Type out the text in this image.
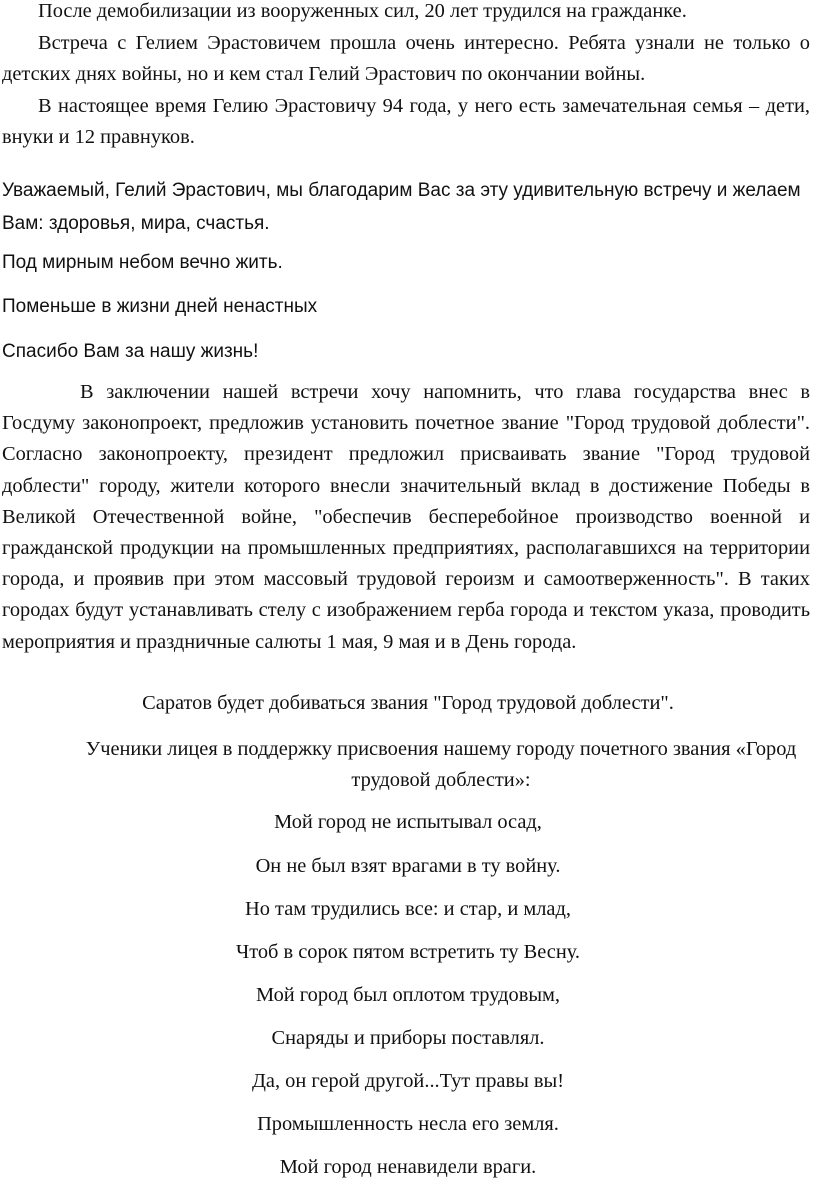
После демобилизации из вооруженных сил, 20 лет трудился на гражданке.

Встреча с Гелием Эрастовичем прошла очень интересно. Ребята узнали не только о детских днях войны, но и кем стал Гелий Эрастович по окончании войны.

В настоящее время Гелию Эрастовичу 94 года, у него есть замечательная семья – дети, внуки и 12 правнуков.

Уважаемый, Гелий Эрастович, мы благодарим Вас за эту удивительную встречу и желаем Вам: здоровья, мира, счастья.

Под мирным небом вечно жить.

Поменьше в жизни дней ненастных

Спасибо Вам за нашу жизнь!

В заключении нашей встречи хочу напомнить, что глава государства внес в Госдуму законопроект, предложив установить почетное звание "Город трудовой доблести". Согласно законопроекту, президент предложил присваивать звание "Город трудовой доблести" городу, жители которого внесли значительный вклад в достижение Победы в Великой Отечественной войне, "обеспечив бесперебойное производство военной и гражданской продукции на промышленных предприятиях, располагавшихся на территории города, и проявив при этом массовый трудовой героизм и самоотверженность". В таких городах будут устанавливать стелу с изображением герба города и текстом указа, проводить мероприятия и праздничные салюты 1 мая, 9 мая и в День города.

Саратов будет добиваться звания "Город трудовой доблести".

Ученики лицея в поддержку присвоения нашему городу почетного звания «Город трудовой доблести»:

Мой город не испытывал осад,

Он не был взят врагами в ту войну.

Но там трудились все: и стар, и млад,

Чтоб в сорок пятом встретить ту Весну.

Мой город был оплотом трудовым,

Снаряды и приборы поставлял.

Да, он герой другой...Тут правы вы!

Промышленность несла его земля.

Мой город ненавидели враги.
